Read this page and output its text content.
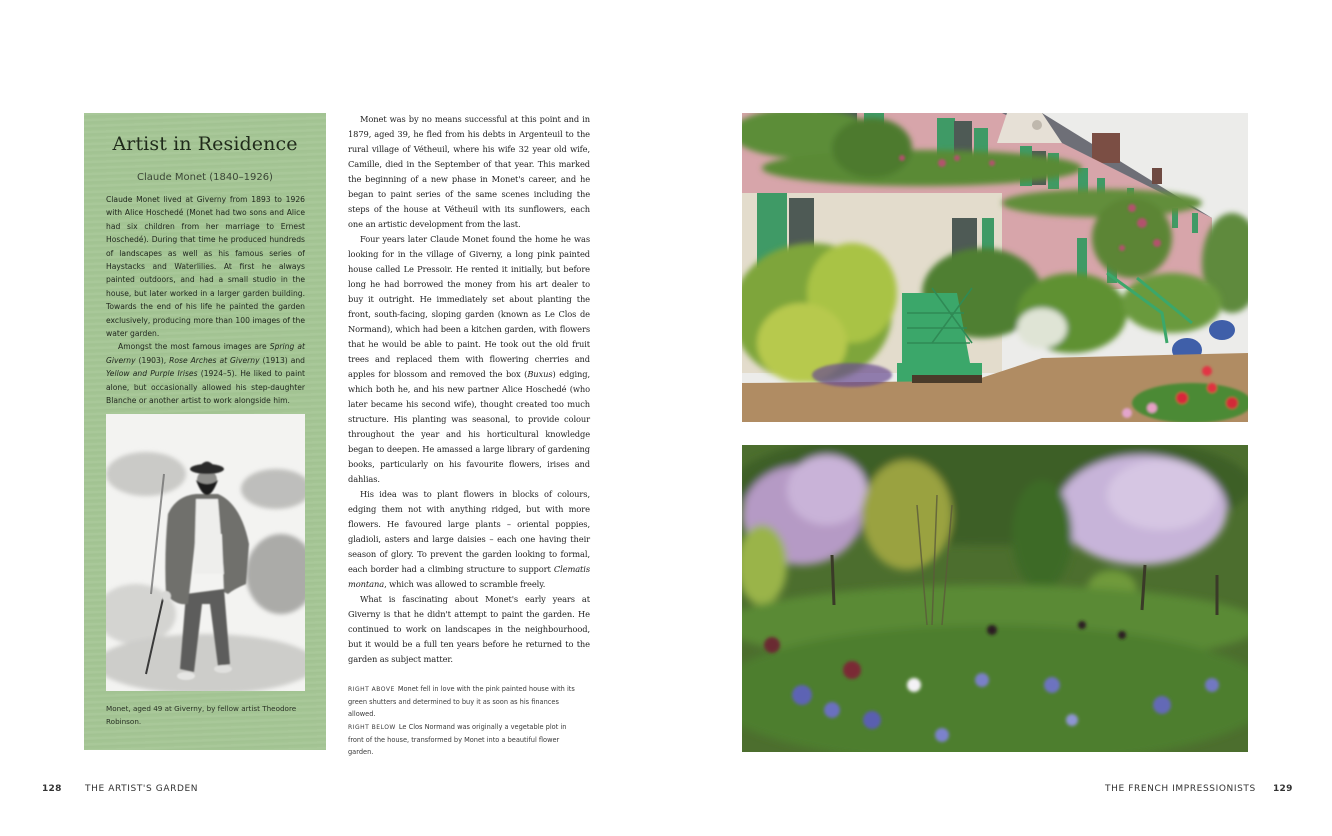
Artist in Residence
Claude Monet (1840–1926)

Claude Monet lived at Giverny from 1893 to 1926 with Alice Hoschedé (Monet had two sons and Alice had six children from her marriage to Ernest Hoschedé). During that time he produced hundreds of landscapes as well as his famous series of Haystacks and Waterlilies. At first he always painted outdoors, and had a small studio in the house, but later worked in a larger garden building. Towards the end of his life he painted the garden exclusively, producing more than 100 images of the water garden.

Amongst the most famous images are Spring at Giverny (1903), Rose Arches at Giverny (1913) and Yellow and Purple Irises (1924–5). He liked to paint alone, but occasionally allowed his step-daughter Blanche or another artist to work alongside him.

Monet, aged 49 at Giverny, by fellow artist Theodore Robinson.

Monet was by no means successful at this point and in 1879, aged 39, he fled from his debts in Argenteuil to the rural village of Vétheuil, where his wife 32 year old wife, Camille, died in the September of that year. This marked the beginning of a new phase in Monet's career, and he began to paint series of the same scenes including the steps of the house at Vétheuil with its sunflowers, each one an artistic development from the last.

Four years later Claude Monet found the home he was looking for in the village of Giverny, a long pink painted house called Le Pressoir. He rented it initially, but before long he had borrowed the money from his art dealer to buy it outright. He immediately set about planting the front, south-facing, sloping garden (known as Le Clos de Normand), which had been a kitchen garden, with flowers that he would be able to paint. He took out the old fruit trees and replaced them with flowering cherries and apples for blossom and removed the box (Buxus) edging, which both he, and his new partner Alice Hoschedé (who later became his second wife), thought created too much structure. His planting was seasonal, to provide colour throughout the year and his horticultural knowledge began to deepen. He amassed a large library of gardening books, particularly on his favourite flowers, irises and dahlias.

His idea was to plant flowers in blocks of colours, edging them not with anything ridged, but with more flowers. He favoured large plants – oriental poppies, gladioli, asters and large daisies – each one having their season of glory. To prevent the garden looking to formal, each border had a climbing structure to support Clematis montana, which was allowed to scramble freely.

What is fascinating about Monet's early years at Giverny is that he didn't attempt to paint the garden. He continued to work on landscapes in the neighbourhood, but it would be a full ten years before he returned to the garden as subject matter.

RIGHT ABOVE Monet fell in love with the pink painted house with its green shutters and determined to buy it as soon as his finances allowed.

RIGHT BELOW Le Clos Normand was originally a vegetable plot in front of the house, transformed by Monet into a beautiful flower garden.

128	THE ARTIST'S GARDEN	THE FRENCH IMPRESSIONISTS 129
